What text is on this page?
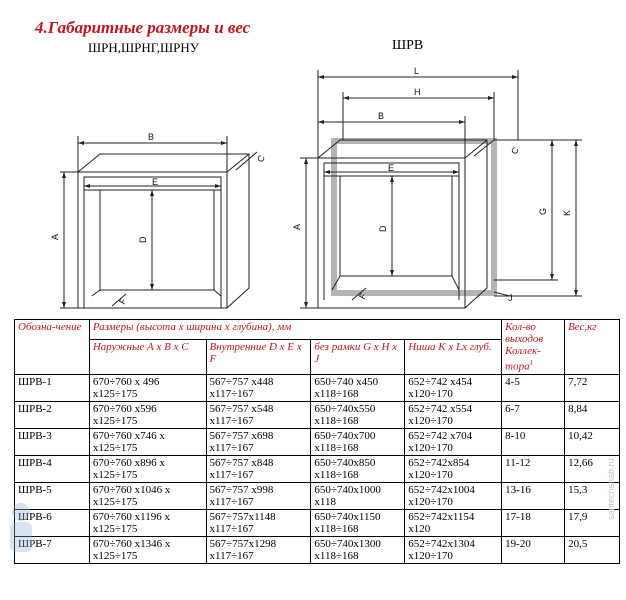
4.Габаритные размеры и вес
ШРН,ШРНГ,ШРНУ	ШРВ
B
E
A	D
C
F
L
H
B
E
A	D
C
G K
F	J
Обозна-чение	Размеры (высота х ширина х глубина), мм				Кол-во выходов Коллек-тора$^1$	Вес,кг
	Наружные А x B x C	Внутренние D x E x F	без рамки G x H x J	Ниша K x Lx глуб.		
ШРВ-1	670÷760 х 496 х125÷175	567÷757 х448 х117÷167	650÷740 х450 х118÷168	652÷742 х454 х120÷170	4-5	7,72
ШРВ-2	670÷760 х596 х125÷175	567÷757 х548 х117÷167	650÷740х550 х118÷168	652÷742 х554 х120÷170	6-7	8,84
ШРВ-3	670÷760 х746 х х125÷175	567÷757 х698 х117÷167	650÷740х700 х118÷168	652÷742 х704 х120÷170	8-10	10,42
ШРВ-4	670÷760 х896 х х125÷175	567÷757 х848 х117÷167	650÷740х850 х118÷168	652÷742х854 х120÷170	11-12	12,66
ШРВ-5	670÷760 х1046 х х125÷175	567÷757 х998 х117÷167	650÷740х1000 х118	652÷742х1004 х120÷170	13-16	15,3
ШРВ-6	670÷760 х1196 х х125÷175	567÷757х1148 х117÷167	650÷740х1150 х118÷168	652÷742х1154 х120	17-18	17,9
ШРВ-7	670÷760 х1346 х х125÷175	567÷757х1298 х117÷167	650÷740х1300 х118÷168	652÷742х1304 х120÷170	19-20	20,5
santechsnab.ru
